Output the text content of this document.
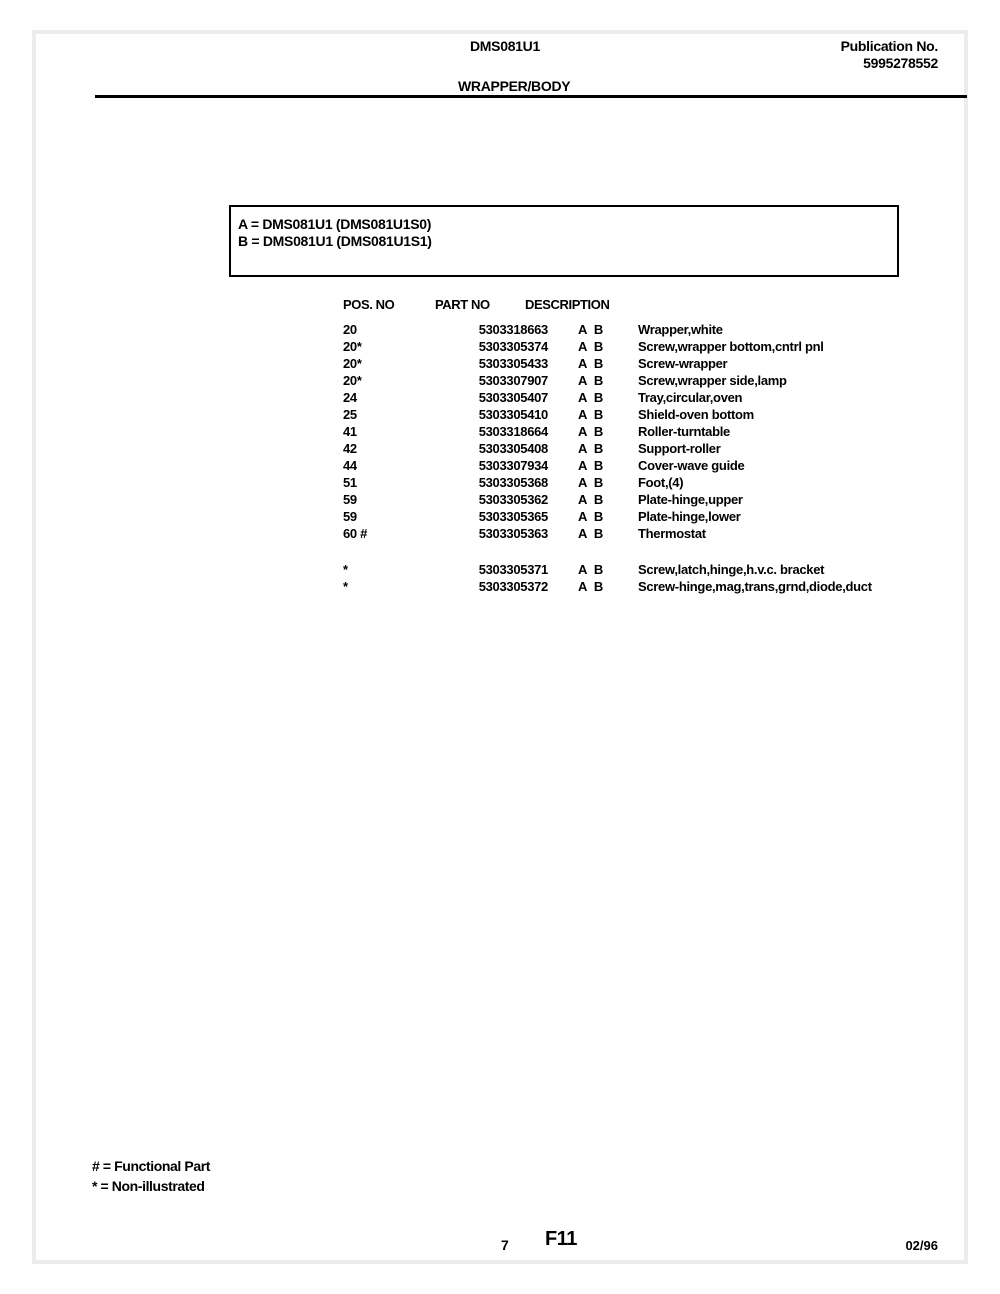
DMS081U1
WRAPPER/BODY
Publication No.
5995278552
A = DMS081U1 (DMS081U1S0)
B = DMS081U1 (DMS081U1S1)
POS. NO	PART NO	DESCRIPTION
20	5303318663 A B	Wrapper,white
20*	5303305374 A B	Screw,wrapper bottom,cntrl pnl
20*	5303305433 A B	Screw-wrapper
20*	5303307907 A B	Screw,wrapper side,lamp
24	5303305407 A B	Tray,circular,oven
25	5303305410 A B	Shield-oven bottom
41	5303318664 A B	Roller-turntable
42	5303305408 A B	Support-roller
44	5303307934 A B	Cover-wave guide
51	5303305368 A B	Foot,(4)
59	5303305362 A B	Plate-hinge,upper
59	5303305365 A B	Plate-hinge,lower
60 #	5303305363 A B	Thermostat
*	5303305371 A B	Screw,latch,hinge,h.v.c. bracket
*	5303305372 A B	Screw-hinge,mag,trans,grnd,diode,duct
# = Functional Part
* = Non-illustrated
7 F11	02/96
